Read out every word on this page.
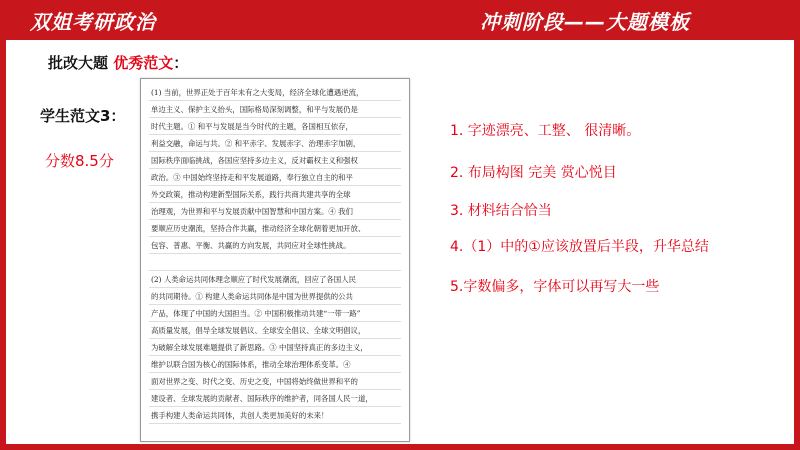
双姐考研政治	冲刺阶段——大题模板
批改大题 优秀范文：
学生范文3：
分数8.5分
(1) 当前，世界正处于百年未有之大变局，经济全球化遭遇逆流，
单边主义、保护主义抬头，国际格局深刻调整，和平与发展仍是
时代主题。① 和平与发展是当今时代的主题，各国相互依存，
利益交融，命运与共。② 和平赤字、发展赤字、治理赤字加剧，
国际秩序面临挑战，各国应坚持多边主义，反对霸权主义和强权
政治。③ 中国始终坚持走和平发展道路，奉行独立自主的和平
外交政策，推动构建新型国际关系，践行共商共建共享的全球
治理观，为世界和平与发展贡献中国智慧和中国方案。④ 我们
要顺应历史潮流，坚持合作共赢，推动经济全球化朝着更加开放、
包容、普惠、平衡、共赢的方向发展，共同应对全球性挑战。
(2) 人类命运共同体理念顺应了时代发展潮流，回应了各国人民
的共同期待。① 构建人类命运共同体是中国为世界提供的公共
产品，体现了中国的大国担当。② 中国积极推动共建“一带一路”
高质量发展，倡导全球发展倡议、全球安全倡议、全球文明倡议，
为破解全球发展难题提供了新思路。③ 中国坚持真正的多边主义，
维护以联合国为核心的国际体系，推动全球治理体系变革。④
面对世界之变、时代之变、历史之变，中国将始终做世界和平的
建设者、全球发展的贡献者、国际秩序的维护者，同各国人民一道，
携手构建人类命运共同体，共创人类更加美好的未来！
1. 字迹漂亮、工整、 很清晰。
2. 布局构图 完美 赏心悦目
3. 材料结合恰当
4.（1）中的①应该放置后半段，升华总结
5.字数偏多，字体可以再写大一些
